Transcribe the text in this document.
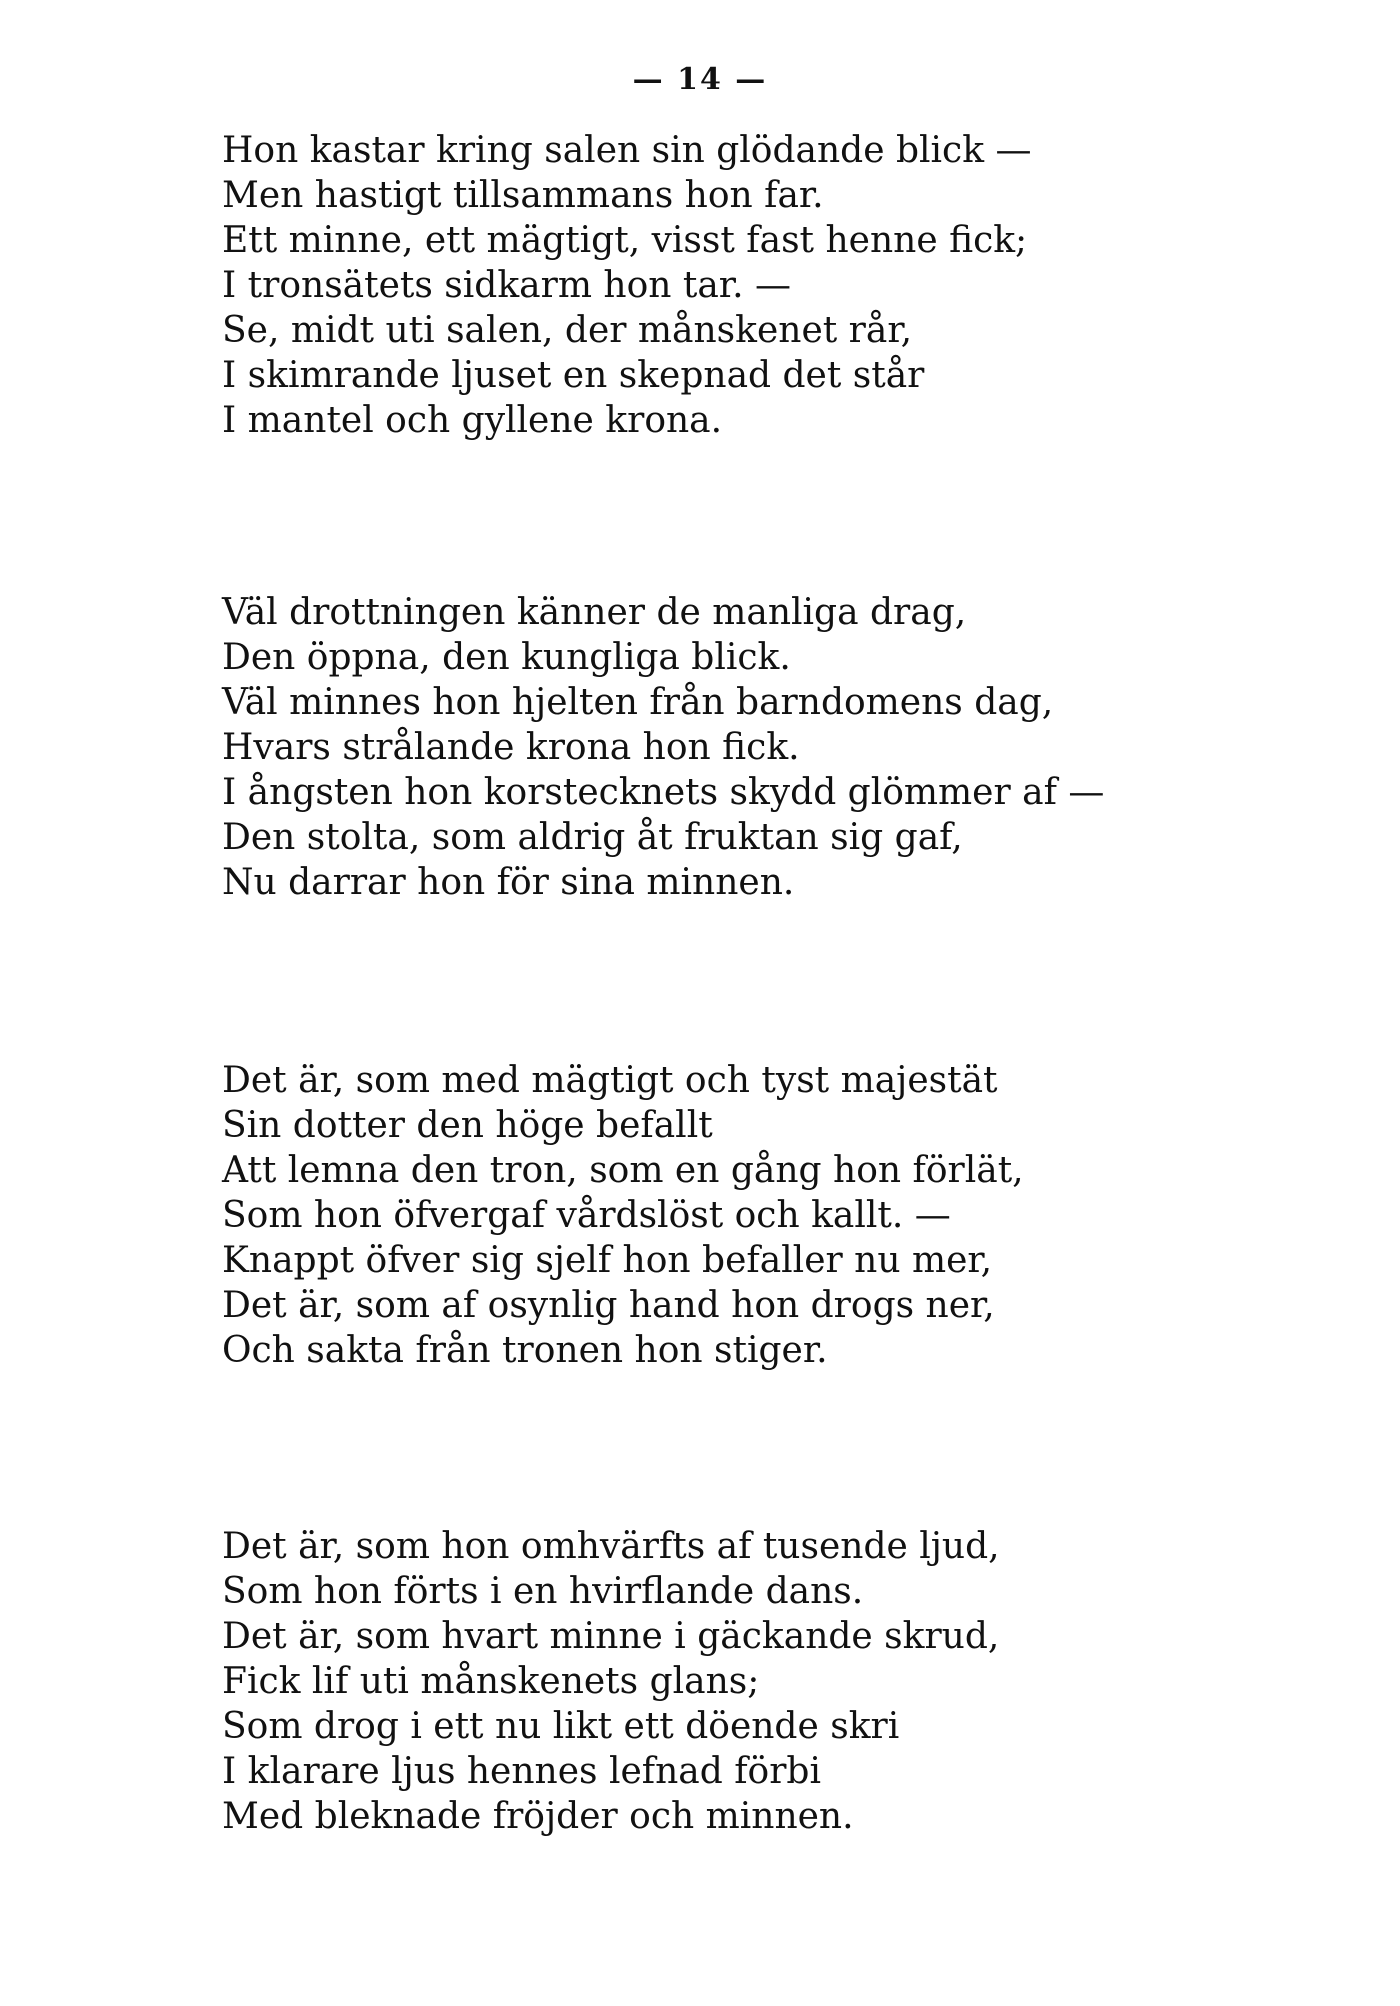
— 14 —
Hon kastar kring salen sin glödande blick —
Men hastigt tillsammans hon far.
Ett minne, ett mägtigt, visst fast henne fick;
I tronsätets sidkarm hon tar. —
Se, midt uti salen, der månskenet rår,
I skimrande ljuset en skepnad det står
I mantel och gyllene krona.
Väl drottningen känner de manliga drag,
Den öppna, den kungliga blick.
Väl minnes hon hjelten från barndomens dag,
Hvars strålande krona hon fick.
I ångsten hon korstecknets skydd glömmer af —
Den stolta, som aldrig åt fruktan sig gaf,
Nu darrar hon för sina minnen.
Det är, som med mägtigt och tyst majestät
Sin dotter den höge befallt
Att lemna den tron, som en gång hon förlät,
Som hon öfvergaf vårdslöst och kallt. —
Knappt öfver sig sjelf hon befaller nu mer,
Det är, som af osynlig hand hon drogs ner,
Och sakta från tronen hon stiger.
Det är, som hon omhvärfts af tusende ljud,
Som hon förts i en hvirflande dans.
Det är, som hvart minne i gäckande skrud,
Fick lif uti månskenets glans;
Som drog i ett nu likt ett döende skri
I klarare ljus hennes lefnad förbi
Med bleknade fröjder och minnen.
